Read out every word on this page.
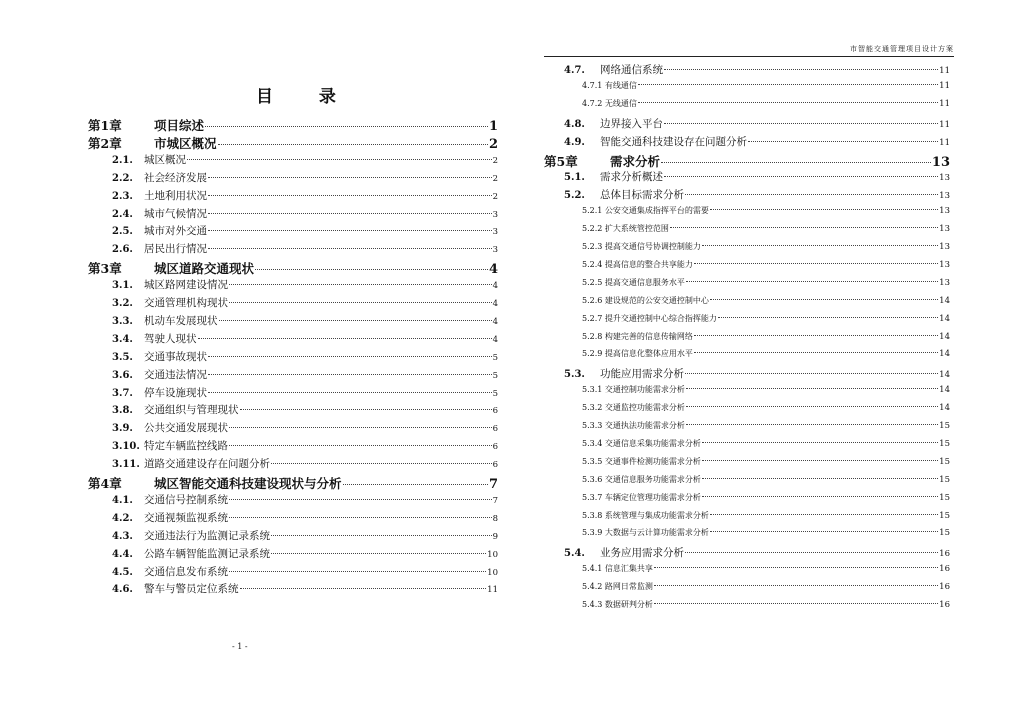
市智能交通管理项目设计方案
目 录
第1章	项目综述	1
第2章	市城区概况	2
2.1.	城区概况	2
2.2.	社会经济发展	2
2.3.	土地利用状况	2
2.4.	城市气候情况	3
2.5.	城市对外交通	3
2.6.	居民出行情况	3
第3章	城区道路交通现状	4
3.1.	城区路网建设情况	4
3.2.	交通管理机构现状	4
3.3.	机动车发展现状	4
3.4.	驾驶人现状	4
3.5.	交通事故现状	5
3.6.	交通违法情况	5
3.7.	停车设施现状	5
3.8.	交通组织与管理现状	6
3.9.	公共交通发展现状	6
3.10. 特定车辆监控线路	6
3.11. 道路交通建设存在问题分析	6
第4章	城区智能交通科技建设现状与分析	7
4.1.	交通信号控制系统	7
4.2.	交通视频监视系统	8
4.3.	交通违法行为监测记录系统	9
4.4.	公路车辆智能监测记录系统	10
4.5.	交通信息发布系统	10
4.6.	警车与警员定位系统	11
4.7.	网络通信系统	11
4.7.1 有线通信	11
4.7.2 无线通信	11
4.8.	边界接入平台	11
4.9.	智能交通科技建设存在问题分析	11
第5章	需求分析	13
5.1.	需求分析概述	13
5.2.	总体目标需求分析	13
5.2.1 公安交通集成指挥平台的需要	13
5.2.2 扩大系统管控范围	13
5.2.3 提高交通信号协调控制能力	13
5.2.4 提高信息的整合共享能力	13
5.2.5 提高交通信息服务水平	13
5.2.6 建设规范的公安交通控制中心	14
5.2.7 提升交通控制中心综合指挥能力	14
5.2.8 构建完善的信息传输网络	14
5.2.9 提高信息化整体应用水平	14
5.3.	功能应用需求分析	14
5.3.1 交通控制功能需求分析	14
5.3.2 交通监控功能需求分析	14
5.3.3 交通执法功能需求分析	15
5.3.4 交通信息采集功能需求分析	15
5.3.5 交通事件检测功能需求分析	15
5.3.6 交通信息服务功能需求分析	15
5.3.7 车辆定位管理功能需求分析	15
5.3.8 系统管理与集成功能需求分析	15
5.3.9 大数据与云计算功能需求分析	15
5.4.	业务应用需求分析	16
5.4.1 信息汇集共享	16
5.4.2 路网日常监测	16
5.4.3 数据研判分析	16
- 1 -
